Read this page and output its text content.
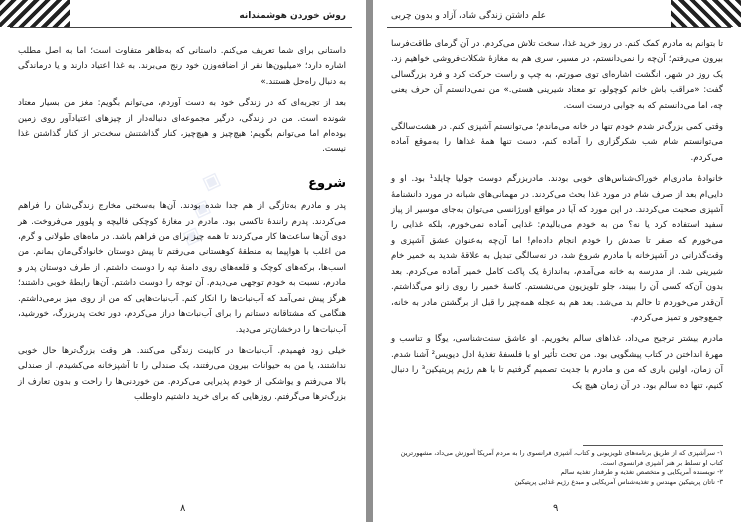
روش خوردن هوشمندانه
◈ ◈ ◈

داستانی برای شما تعریف می‌کنم. داستانی که به‌ظاهر متفاوت است؛ اما به اصل مطلب اشاره دارد؛ «میلیون‌ها نفر از اضافه‌وزن خود رنج می‌برند. به غذا اعتیاد دارند و یا درماندگی به دنبال راه‌حل هستند.»

بعد از تجربه‌ای که در زندگی خود به دست آوردم، می‌توانم بگویم: مغز من بسیار معتاد شونده است. من در زندگی، درگیر مجموعه‌ای دنباله‌دار از چیزهای اعتیادآور روی زمین بوده‌ام اما می‌توانم بگویم: هیچ‌چیز و هیچ‌چیز، کنار گذاشتنش سخت‌تر از کنار گذاشتن غذا نیست.

شروع

پدر و مادرم به‌تازگی از هم جدا شده بودند. آن‌ها به‌سختی مخارج زندگی‌شان را فراهم می‌کردند. پدرم رانندهٔ تاکسی بود. مادرم در مغازهٔ کوچکی فالیچه و پلوور می‌فروخت. هر دوی آن‌ها ساعت‌ها کار می‌کردند تا همه چیز برای من فراهم باشد. در ماه‌های طولانی و گرم، من اغلب با هواپیما به منطقهٔ کوهستانی می‌رفتم تا پیش دوستان خانوادگی‌مان بمانم. من اسب‌ها، برکه‌های کوچک و قلعه‌های روی دامنهٔ تپه را دوست داشتم. از طرف دوستان پدر و مادرم، نسبت به خودم توجهی می‌دیدم. آن توجه را دوست داشتم. آن‌ها رابطهٔ خوبی داشتند؛ هرگز پیش نمی‌آمد که آب‌نبات‌ها را انکار کنم. آب‌نبات‌هایی که من از روی میز برمی‌داشتم. هنگامی که مشتاقانه دستانم را برای آب‌نبات‌ها دراز می‌کردم، دور تخت پدربزرگ، خورشید، آب‌نبات‌ها را درخشان‌تر می‌دید.

خیلی زود فهمیدم. آب‌نبات‌ها در کابینت زندگی می‌کنند. هر وقت بزرگ‌ترها حال خوبی نداشتند، یا من به حیوانات بیرون می‌رفتند، یک صندلی را تا آشپزخانه می‌کشیدم. از صندلی بالا می‌رفتم و یواشکی از خودم پذیرایی می‌کردم. من خوردنی‌ها را راحت و بدون تعارف از بزرگ‌ترها می‌گرفتم. روزهایی که برای خرید داشتیم داوطلب

۸
علم داشتن زندگی شاد، آزاد و بدون چربی

تا بتوانم به مادرم کمک کنم. در روز خرید غذا، سخت تلاش می‌کردم. در آن گرمای طاقت‌فرسا بیرون می‌رفتم؛ آن‌چه را نمی‌دانستم، در مسیر، سری هم به مغازهٔ شکلات‌فروشی خواهیم زد. یک روز در شهر، انگشت اشاره‌ای توی صورتم، به چپ و راست حرکت کرد و فرد بزرگسالی گفت: «مراقب باش خانم کوچولو، تو معتاد شیرینی هستی.» من نمی‌دانستم آن حرف یعنی چه، اما می‌دانستم که به جوابی درست است.

وقتی کمی بزرگ‌تر شدم خودم تنها در خانه می‌ماندم؛ می‌توانستم آشپزی کنم. در هشت‌سالگی می‌توانستم شام شب شکرگزاری را آماده کنم، دست تنها همهٔ غذاها را به‌موقع آماده می‌کردم.

خانوادهٔ مادری‌ام خوراک‌شناس‌های خوبی بودند. مادربزرگم دوست جولیا چایلد¹ بود. او و دایی‌ام بعد از صرف شام در مورد غذا بحث می‌کردند. در مهمانی‌های شبانه در مورد دانشنامهٔ آشپزی صحبت می‌کردند. در این مورد که آیا در مواقع اورژانسی می‌توان به‌جای موسیر از پیاز سفید استفاده کرد یا نه؟ من به خودم می‌بالیدم: غذایی آماده نمی‌خورم، بلکه غذایی را می‌خورم که صفر تا صدش را خودم انجام داده‌ام! اما آن‌چه به‌عنوان عشق آشپزی و وقت‌گذرانی در آشپزخانه با مادرم شروع شد، در نه‌سالگی تبدیل به علاقهٔ شدید به خمیر خام شیرینی شد. از مدرسه به خانه می‌آمدم، به‌اندازهٔ یک پاکت کامل خمیر آماده می‌کردم. بعد بدون آن‌که کسی آن را ببیند، جلو تلویزیون می‌نشستم. کاسهٔ خمیر را روی زانو می‌گذاشتم. آن‌قدر می‌خوردم تا حالم بد می‌شد. بعد هم به عجله همه‌چیز را قبل از برگشتن مادر به خانه، جمع‌وجور و تمیز می‌کردم.

مادرم بیشتر ترجیح می‌داد، غذاهای سالم بخوریم. او عاشق سنت‌شناسی، یوگا و تناسب و مهرهٔ انداختن در کتاب پیشگویی بود. من تحت تأثیر او با فلسفهٔ تغذیهٔ ادل دیویس² آشنا شدم. آن زمان، اولین باری که من و مادرم با جدیت تصمیم گرفتیم تا با هم رژیم پریتیکین³ را دنبال کنیم، تنها ده سالم بود. در آن زمان هیچ یک

۱- سرآشپزی که از طریق برنامه‌های تلویزیونی و کتاب، آشپزی فرانسوی را به مردم آمریکا آموزش می‌داد، مشهورترین کتاب او تسلط بر هنر آشپزی فرانسوی است.

۲- نویسنده آمریکایی و متخصص تغذیه و طرفدار تغذیه سالم

۳- ناتان پریتیکین مهندس و تغذیه‌شناس آمریکایی و مبدع رژیم غذایی پریتیکین

۹
